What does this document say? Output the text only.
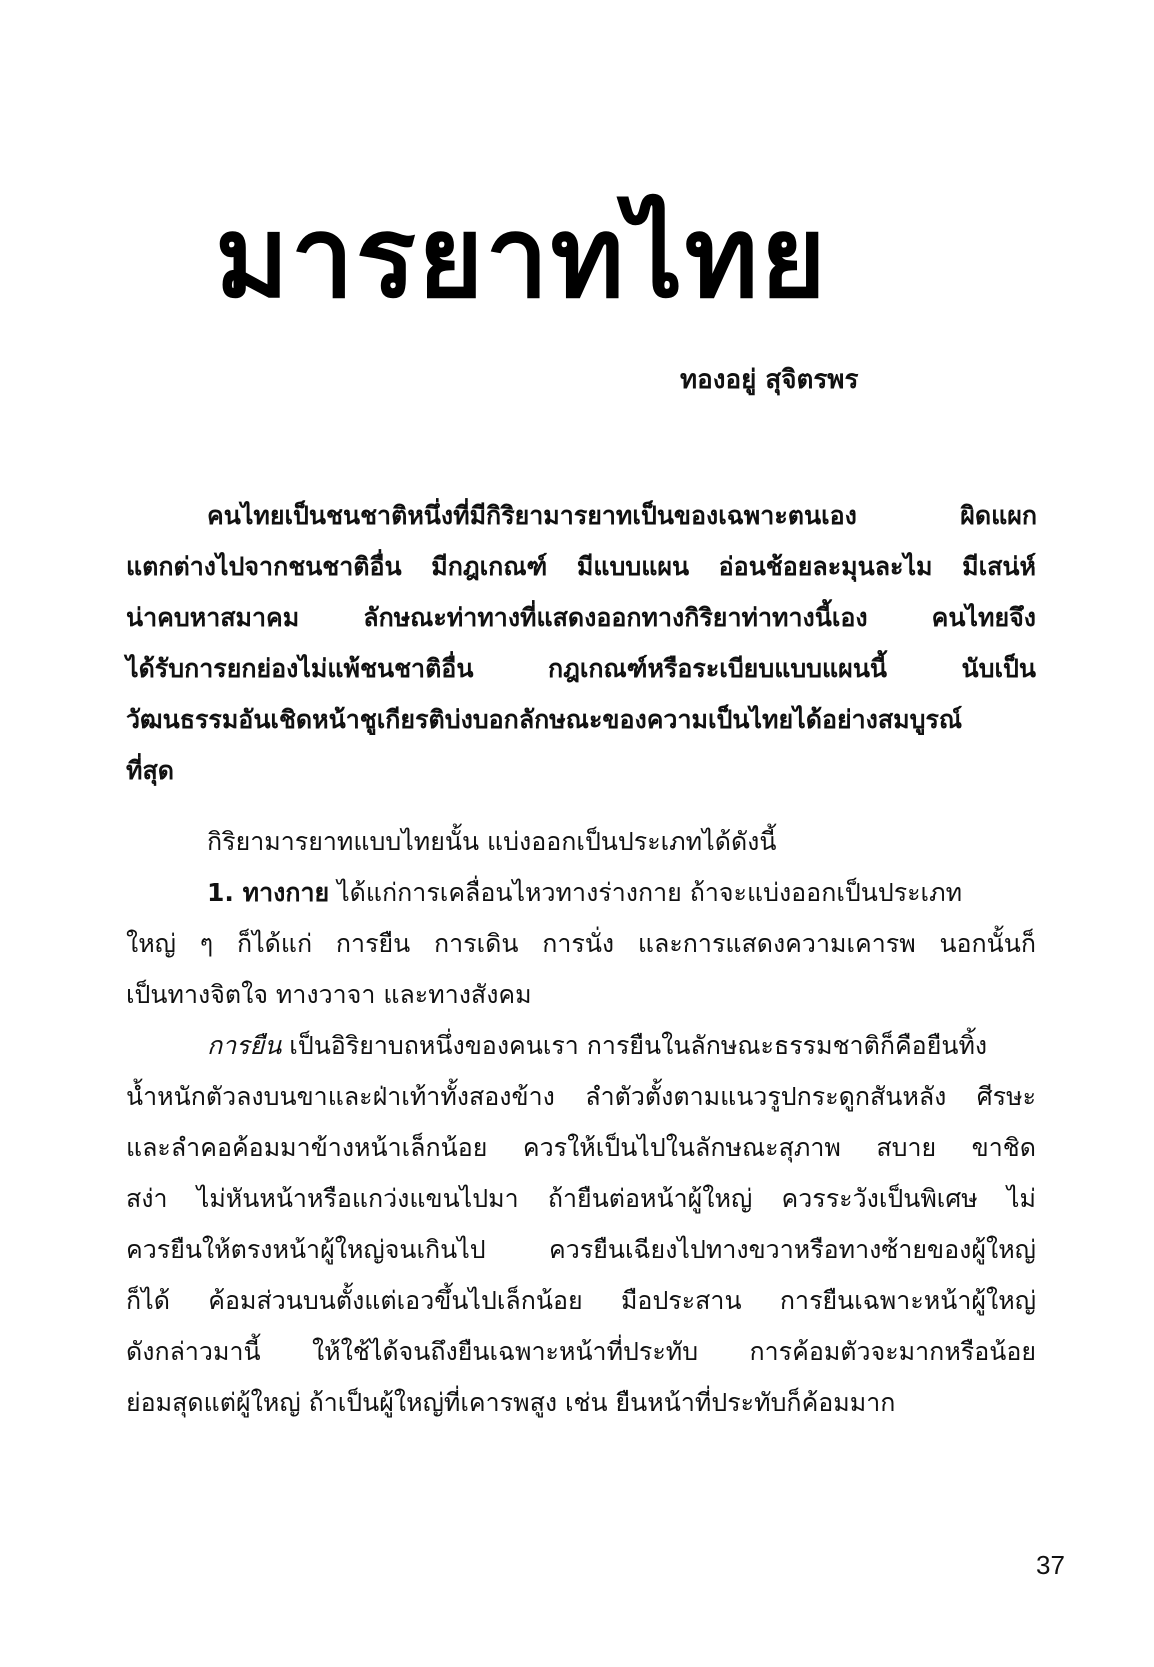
มารยาทไทย
ทองอยู่ สุจิตรพร
คนไทยเป็นชนชาติหนึ่งที่มีกิริยามารยาทเป็นของเฉพาะตนเอง ผิดแผก
แตกต่างไปจากชนชาติอื่น มีกฎเกณฑ์ มีแบบแผน อ่อนช้อยละมุนละไม มีเสน่ห์
น่าคบหาสมาคม ลักษณะท่าทางที่แสดงออกทางกิริยาท่าทางนี้เอง คนไทยจึง
ได้รับการยกย่องไม่แพ้ชนชาติอื่น กฎเกณฑ์หรือระเบียบแบบแผนนี้ นับเป็น
วัฒนธรรมอันเชิดหน้าชูเกียรติบ่งบอกลักษณะของความเป็นไทยได้อย่างสมบูรณ์
ที่สุด
กิริยามารยาทแบบไทยนั้น แบ่งออกเป็นประเภทได้ดังนี้
1. ทางกาย ได้แก่การเคลื่อนไหวทางร่างกาย ถ้าจะแบ่งออกเป็นประเภท
ใหญ่ ๆ ก็ได้แก่ การยืน การเดิน การนั่ง และการแสดงความเคารพ นอกนั้นก็
เป็นทางจิตใจ ทางวาจา และทางสังคม
การยืน เป็นอิริยาบถหนึ่งของคนเรา การยืนในลักษณะธรรมชาติก็คือยืนทิ้ง
น้ำหนักตัวลงบนขาและฝ่าเท้าทั้งสองข้าง ลำตัวตั้งตามแนวรูปกระดูกสันหลัง ศีรษะ
และลำคอค้อมมาข้างหน้าเล็กน้อย ควรให้เป็นไปในลักษณะสุภาพ สบาย ขาชิด
สง่า ไม่หันหน้าหรือแกว่งแขนไปมา ถ้ายืนต่อหน้าผู้ใหญ่ ควรระวังเป็นพิเศษ ไม่
ควรยืนให้ตรงหน้าผู้ใหญ่จนเกินไป ควรยืนเฉียงไปทางขวาหรือทางซ้ายของผู้ใหญ่
ก็ได้ ค้อมส่วนบนตั้งแต่เอวขึ้นไปเล็กน้อย มือประสาน การยืนเฉพาะหน้าผู้ใหญ่
ดังกล่าวมานี้ ให้ใช้ได้จนถึงยืนเฉพาะหน้าที่ประทับ การค้อมตัวจะมากหรือน้อย
ย่อมสุดแต่ผู้ใหญ่ ถ้าเป็นผู้ใหญ่ที่เคารพสูง เช่น ยืนหน้าที่ประทับก็ค้อมมาก
37
